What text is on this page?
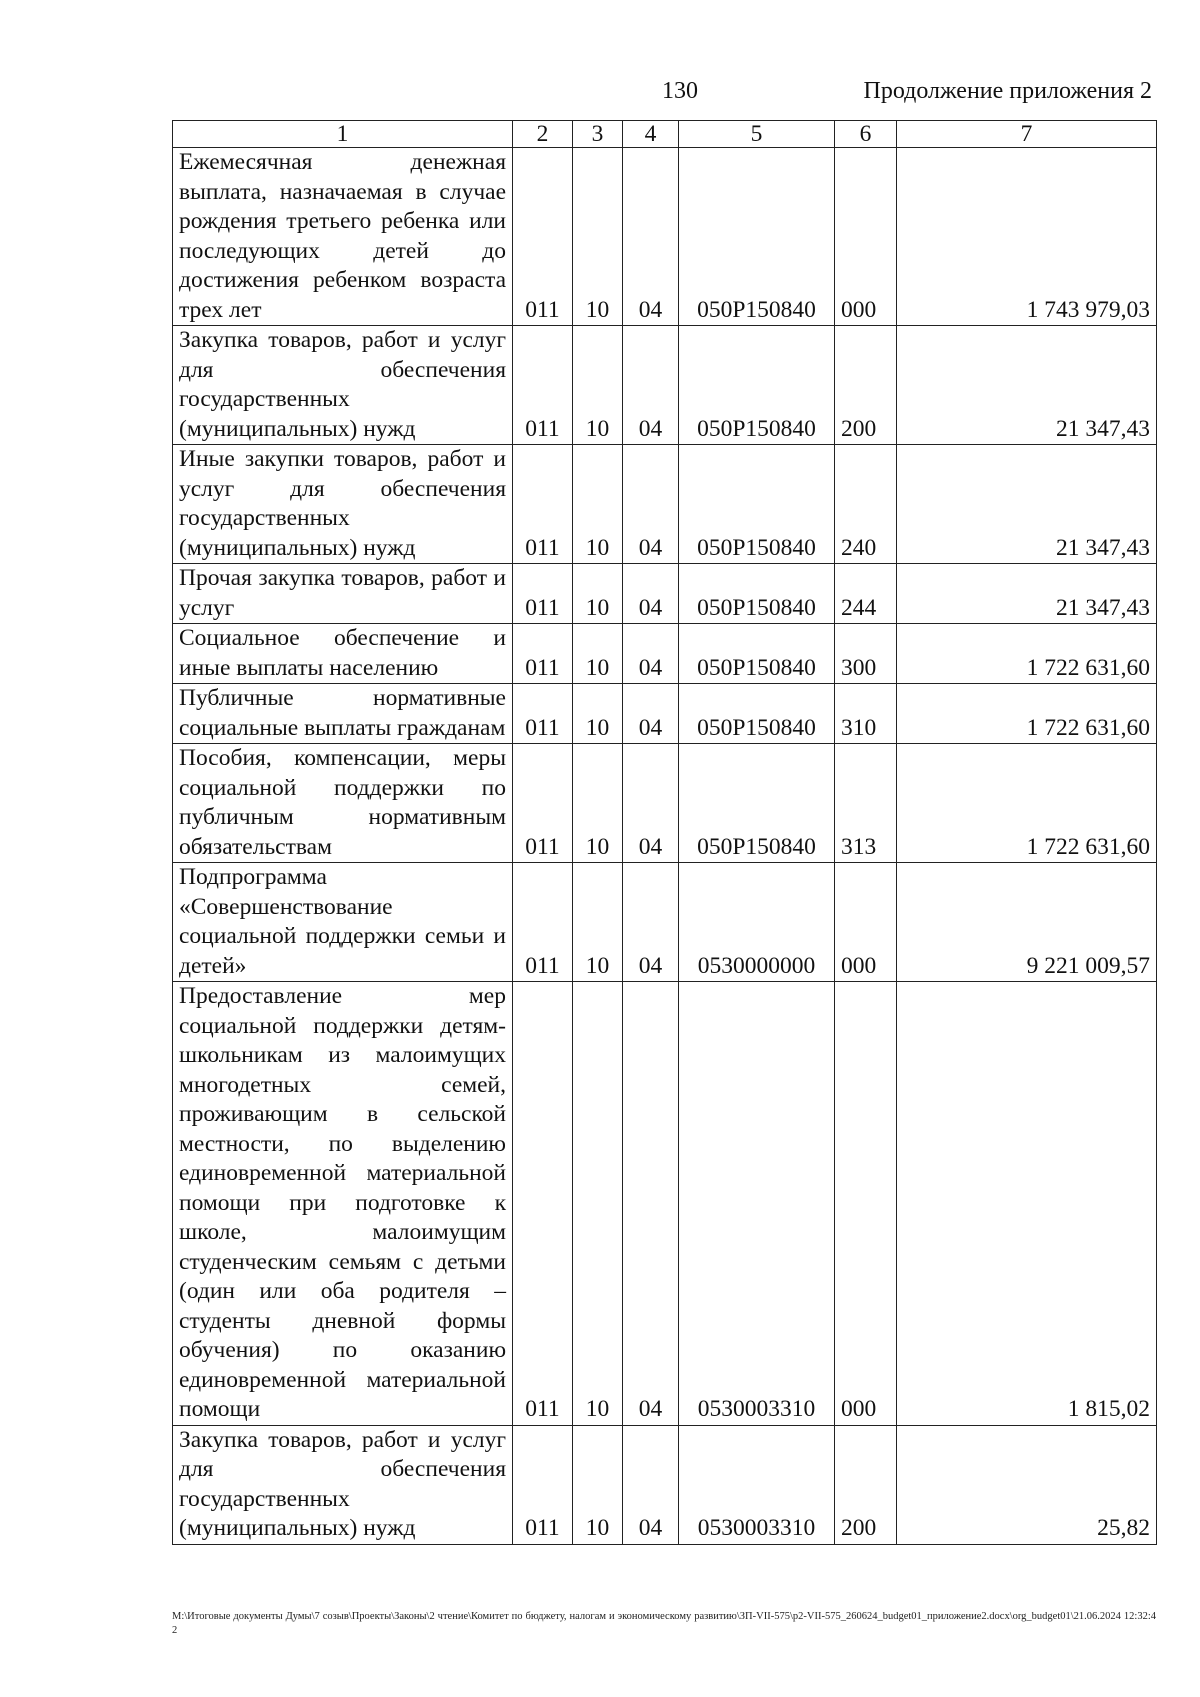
130	Продолжение приложения 2
1	2	3	4	5	6	7
Ежемесячная денежная выплата, назначаемая в случае рождения третьего ребенка или последующих детей до достижения ребенком возраста трех лет	011	10	04	050P150840	000	1 743 979,03
Закупка товаров, работ и услуг для обеспечения государственных (муниципальных) нужд	011	10	04	050P150840	200	21 347,43
Иные закупки товаров, работ и услуг для обеспечения государственных (муниципальных) нужд	011	10	04	050P150840	240	21 347,43
Прочая закупка товаров, работ и услуг	011	10	04	050P150840	244	21 347,43
Социальное обеспечение и иные выплаты населению	011	10	04	050P150840	300	1 722 631,60
Публичные нормативные социальные выплаты гражданам	011	10	04	050P150840	310	1 722 631,60
Пособия, компенсации, меры социальной поддержки по публичным нормативным обязательствам	011	10	04	050P150840	313	1 722 631,60
Подпрограмма «Совершенствование социальной поддержки семьи и детей»	011	10	04	0530000000	000	9 221 009,57
Предоставление мер социальной поддержки детям-школьникам из малоимущих многодетных семей, проживающим в сельской местности, по выделению единовременной материальной помощи при подготовке к школе, малоимущим студенческим семьям с детьми (один или оба родителя – студенты дневной формы обучения) по оказанию единовременной материальной помощи	011	10	04	0530003310	000	1 815,02
Закупка товаров, работ и услуг для обеспечения государственных (муниципальных) нужд	011	10	04	0530003310	200	25,82
M:\Итоговые документы Думы\7 созыв\Проекты\Законы\2 чтение\Комитет по бюджету, налогам и экономическому развитию\ЗП-VII-575\p2-VII-575_260624_budget01_приложение2.docx\org_budget01\21.06.2024 12:32:42
